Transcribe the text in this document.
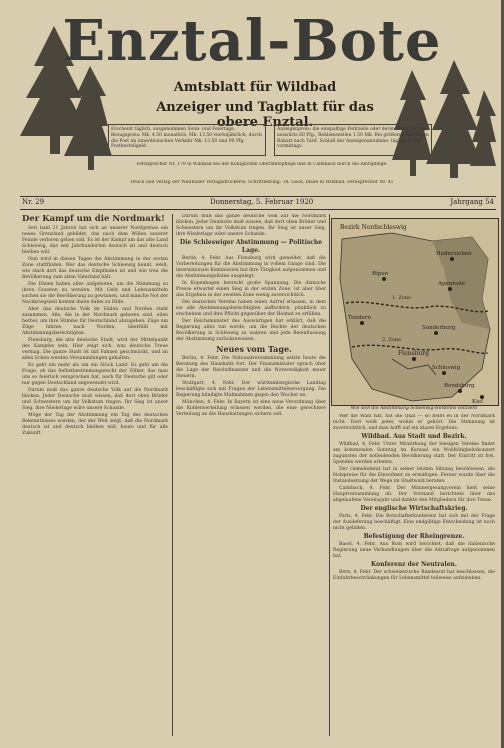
Enztal-Bote
Amtsblatt für Wildbad
Anzeiger und Tagblatt für das obere Enztal.
Erscheint täglich, ausgenommen Sonn- und Feiertags. Bezugspreis: Mk. 4.50 monatlich, Mk. 13.50 vierteljährlich; durch die Post im innerdeutschen Verkehr Mk. 13.50 und 90 Pfg. Postbestellgeld.
Anzeigenpreis: die einspaltige Petitzeile oder deren Raum 50 Pfg., auswärts 60 Pfg., Reklamezeilen 1.50 Mk. Bei größeren Aufträgen Rabatt nach Tarif. Schluß der Anzeigenannahme: täglich 8 Uhr vormittags.
Fernsprecher Nr. 179 in Wildbad bei der Königlichen Oberamtspflege und in Calmbach durch die Amtspflege.
Druck und Verlag der Wildbader Verlagsdruckerei. Schriftleitung: Th. Gack, beide in Wildbad. Fernsprecher Nr. 41
Nr. 29	Donnerstag, 5. Februar 1920	Jahrgang 54

Der Kampf um die Nordmark!

Seit bald 21 Jahren hat sich an unserer Nordgrenze ein neues Grenzland gebildet, das nach dem Willen unserer Feinde verloren gehen soll. Es ist der Kampf um das alte Land Schleswig, das seit Jahrhunderten deutsch ist und deutsch bleiben will.

Nun wird in diesen Tagen die Abstimmung in der ersten Zone stattfinden. Wer das deutsche Schleswig kennt, weiß, wie stark dort das deutsche Empfinden ist und wie treu die Bevölkerung zum alten Vaterland hält.

Die Dänen haben alles aufgeboten, um die Stimmung zu ihren Gunsten zu wenden. Mit Geld und Lebensmitteln suchen sie die Bevölkerung zu gewinnen, und manche Not der Nachkriegszeit kommt ihnen dabei zu Hilfe.

Aber das deutsche Volk im Süden und Norden steht zusammen. Alle, die in der Nordmark geboren sind, eilen herbei, um ihre Stimme für Deutschland abzugeben. Züge um Züge fahren nach Norden, überfüllt mit Abstimmungsberechtigten.

Flensburg, die alte deutsche Stadt, wird der Mittelpunkt des Kampfes sein. Hier zeigt sich, was deutsche Treue vermag. Die ganze Stadt ist mit Fahnen geschmückt, und an allen Ecken werden Versammlungen gehalten.

Es geht um mehr als um ein Stück Land. Es geht um die Frage, ob das Selbstbestimmungsrecht der Völker, das man uns so feierlich versprochen hat, auch für Deutsche gilt oder nur gegen Deutschland angewendet wird.

Darum muß das ganze deutsche Volk auf die Nordmark blicken. Jeder Deutsche muß wissen, daß dort oben Brüder und Schwestern um ihr Volkstum ringen. Ihr Sieg ist unser Sieg, ihre Niederlage wäre unsere Schande.

Möge der Tag der Abstimmung ein Tag des deutschen Bekenntnisses werden, der der Welt zeigt, daß die Nordmark deutsch ist und deutsch bleiben will, heute und für alle Zukunft.

Darum muß das ganze deutsche Volk auf die Nordmark blicken. Jeder Deutsche muß wissen, daß dort oben Brüder und Schwestern um ihr Volkstum ringen. Ihr Sieg ist unser Sieg, ihre Niederlage wäre unsere Schande.

Die Schleswiger Abstimmung — Politische Lage.

Berlin, 4. Febr. Aus Flensburg wird gemeldet, daß die Vorbereitungen für die Abstimmung in vollem Gange sind. Die internationale Kommission hat ihre Tätigkeit aufgenommen und die Abstimmungslisten ausgelegt.

In Kopenhagen herrscht große Spannung. Die dänische Presse erwartet einen Sieg in der ersten Zone, ist aber über das Ergebnis in der zweiten Zone wenig zuversichtlich.

Die deutschen Vereine haben einen Aufruf erlassen, in dem sie alle Abstimmungsberechtigten auffordern, pünktlich zu erscheinen und ihre Pflicht gegenüber der Heimat zu erfüllen.

Der Reichsminister des Auswärtigen hat erklärt, daß die Regierung alles tun werde, um die Rechte der deutschen Bevölkerung in Schleswig zu wahren und jede Beeinflussung der Abstimmung zurückzuweisen.

Neues vom Tage.

Berlin, 4. Febr. Die Nationalversammlung setzte heute die Beratung des Haushalts fort. Der Finanzminister sprach über die Lage der Reichsfinanzen und die Notwendigkeit neuer Steuern.

Stuttgart, 4. Febr. Der württembergische Landtag beschäftigte sich mit Fragen der Lebensmittelversorgung. Die Regierung kündigte Maßnahmen gegen den Wucher an.

München, 4. Febr. In Bayern ist eine neue Verordnung über die Kohlenverteilung erlassen worden, die eine gerechtere Verteilung an die Haushaltungen sichern soll.

Bezirk Nordschleswig
Ripen
Hadersleben
Apenrade
Tondern
Sonderburg
Flensburg
Schleswig
Rendsburg
Kiel
1. Zone
2. Zone
Wie sich die Abstimmung Schleswig-Holsteins vollzieht

Wer die Wahl hat, hat die Qual — so heißt es in der Nordmark nicht. Dort weiß jeder, wohin er gehört. Die Stimmung ist zuversichtlich, und man hofft auf ein klares Ergebnis.

Wildbad. Aus Stadt und Bezirk.

Wildbad, 4. Febr. Unter Mitwirkung der hiesigen Vereine findet am kommenden Sonntag im Kursaal ein Wohltätigkeitskonzert zugunsten der notleidenden Bevölkerung statt. Der Eintritt ist frei, Spenden werden erbeten.

Der Gemeinderat hat in seiner letzten Sitzung beschlossen, die Holzpreise für die Einwohner zu ermäßigen. Ferner wurde über die Instandsetzung der Wege im Stadtwald beraten.

Calmbach, 4. Febr. Der Männergesangverein hielt seine Hauptversammlung ab. Der Vorstand berichtete über das abgelaufene Vereinsjahr und dankte den Mitgliedern für ihre Treue.

Der englische Wirtschaftskrieg.

Paris, 4. Febr. Die Botschafterkonferenz hat sich mit der Frage der Auslieferung beschäftigt. Eine endgültige Entscheidung ist noch nicht gefallen.

Befestigung der Rheingrenze.

Basel, 4. Febr. Aus Rom wird berichtet, daß die italienische Regierung neue Verhandlungen über die Adriafrage aufgenommen hat.

Konferenz der Neutralen.

Bern, 4. Febr. Der schweizerische Bundesrat hat beschlossen, die Einfuhrbeschränkungen für Lebensmittel teilweise aufzuheben.
